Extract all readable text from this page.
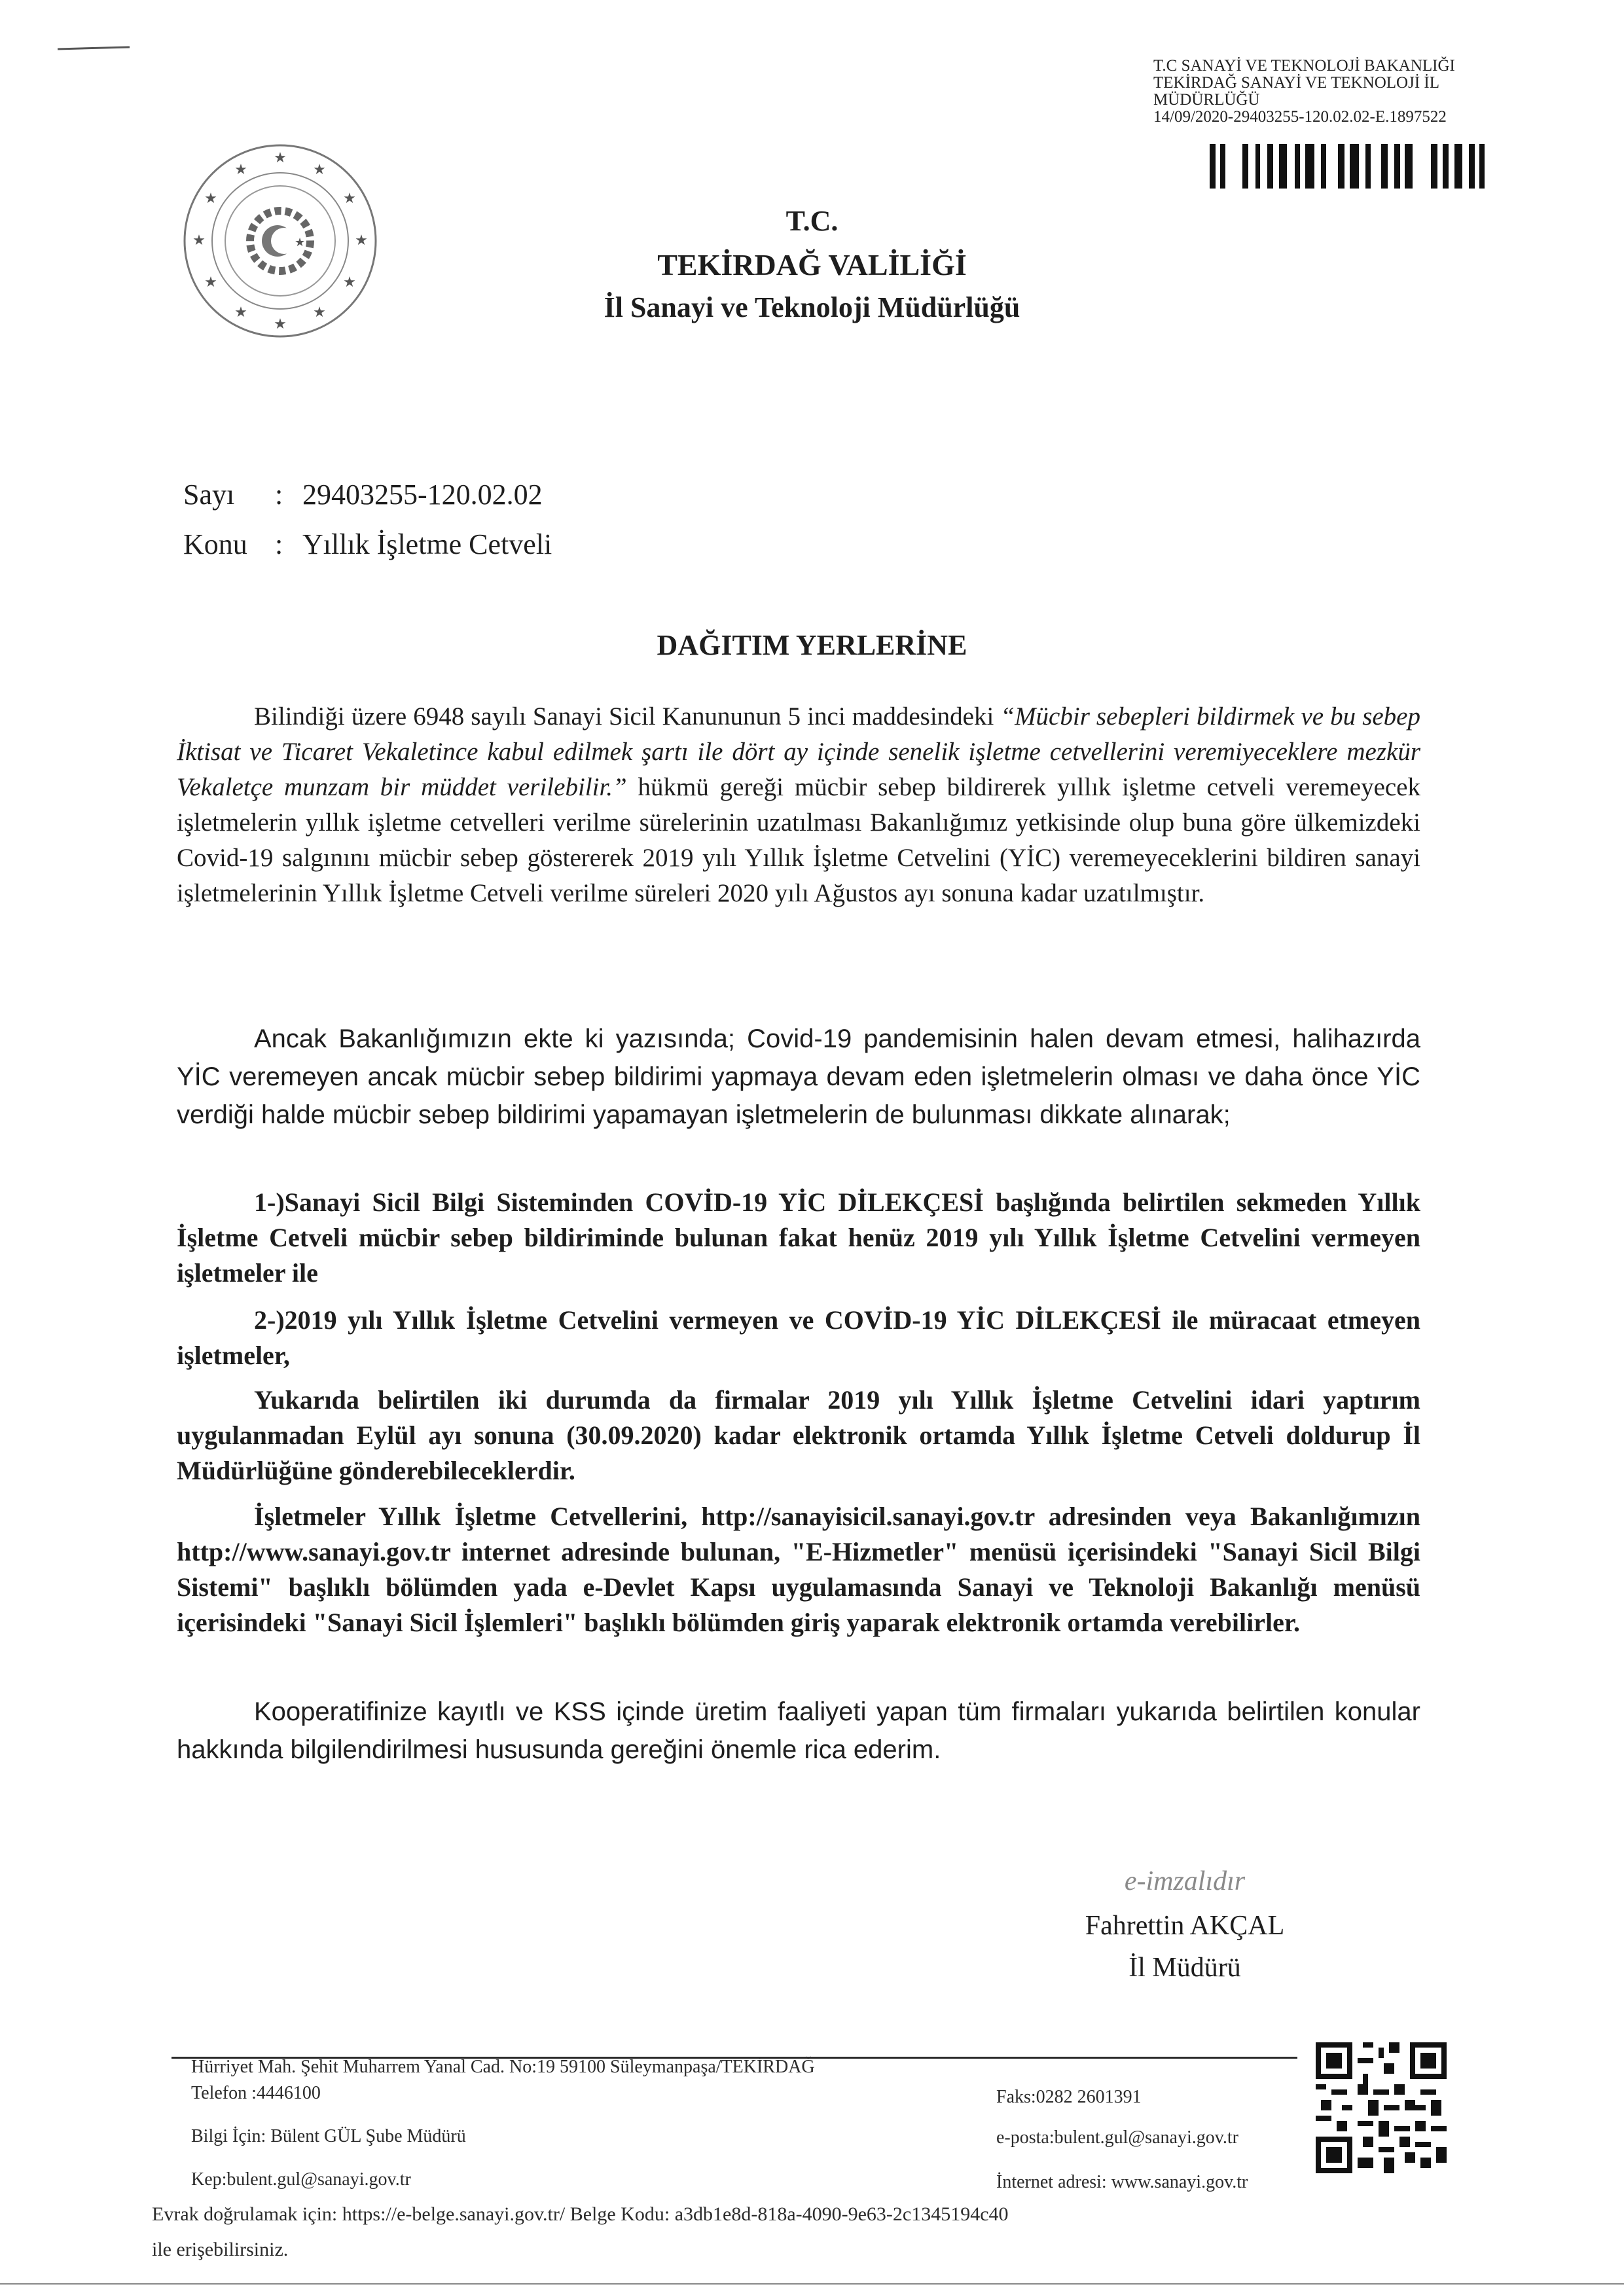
T.C SANAYİ VE TEKNOLOJİ BAKANLIĞI
TEKİRDAĞ SANAYİ VE TEKNOLOJİ İL
MÜDÜRLÜĞÜ
14/09/2020-29403255-120.02.02-E.1897522
★
★
★
★
★
★
★
★
★
★
★
★
★
T.C.
TEKİRDAĞ VALİLİĞİ
İl Sanayi ve Teknoloji Müdürlüğü
Sayı : 29403255-120.02.02
Konu : Yıllık İşletme Cetveli
DAĞITIM YERLERİNE
Bilindiği üzere 6948 sayılı Sanayi Sicil Kanununun 5 inci maddesindeki “Mücbir sebepleri bildirmek ve bu sebep İktisat ve Ticaret Vekaletince kabul edilmek şartı ile dört ay içinde senelik işletme cetvellerini veremiyeceklere mezkür Vekaletçe munzam bir müddet verilebilir.” hükmü gereği mücbir sebep bildirerek yıllık işletme cetveli veremeyecek işletmelerin yıllık işletme cetvelleri verilme sürelerinin uzatılması Bakanlığımız yetkisinde olup buna göre ülkemizdeki Covid-19 salgınını mücbir sebep göstererek 2019 yılı Yıllık İşletme Cetvelini (YİC) veremeyeceklerini bildiren sanayi işletmelerinin Yıllık İşletme Cetveli verilme süreleri 2020 yılı Ağustos ayı sonuna kadar uzatılmıştır.
Ancak Bakanlığımızın ekte ki yazısında; Covid-19 pandemisinin halen devam etmesi, halihazırda YİC veremeyen ancak mücbir sebep bildirimi yapmaya devam eden işletmelerin olması ve daha önce YİC verdiği halde mücbir sebep bildirimi yapamayan işletmelerin de bulunması dikkate alınarak;
1-)Sanayi Sicil Bilgi Sisteminden COVİD-19 YİC DİLEKÇESİ başlığında belirtilen sekmeden Yıllık İşletme Cetveli mücbir sebep bildiriminde bulunan fakat henüz 2019 yılı Yıllık İşletme Cetvelini vermeyen işletmeler ile
2-)2019 yılı Yıllık İşletme Cetvelini vermeyen ve COVİD-19 YİC DİLEKÇESİ ile müracaat etmeyen işletmeler,
Yukarıda belirtilen iki durumda da firmalar 2019 yılı Yıllık İşletme Cetvelini idari yaptırım uygulanmadan Eylül ayı sonuna (30.09.2020) kadar elektronik ortamda Yıllık İşletme Cetveli doldurup İl Müdürlüğüne gönderebileceklerdir.
İşletmeler Yıllık İşletme Cetvellerini, http://sanayisicil.sanayi.gov.tr adresinden veya Bakanlığımızın http://www.sanayi.gov.tr internet adresinde bulunan, "E-Hizmetler" menüsü içerisindeki "Sanayi Sicil Bilgi Sistemi" başlıklı bölümden yada e-Devlet Kapsı uygulamasında Sanayi ve Teknoloji Bakanlığı menüsü içerisindeki "Sanayi Sicil İşlemleri" başlıklı bölümden giriş yaparak elektronik ortamda verebilirler.
Kooperatifinize kayıtlı ve KSS içinde üretim faaliyeti yapan tüm firmaları yukarıda belirtilen konular hakkında bilgilendirilmesi hususunda gereğini önemle rica ederim.
e-imzalıdır
Fahrettin AKÇAL
İl Müdürü
Hürriyet Mah. Şehit Muharrem Yanal Cad. No:19 59100 Süleymanpaşa/TEKİRDAĞ
Telefon :4446100	Faks:0282 2601391
Bilgi İçin: Bülent GÜL Şube Müdürü	e-posta:bulent.gul@sanayi.gov.tr
Kep:bulent.gul@sanayi.gov.tr	İnternet adresi: www.sanayi.gov.tr
Evrak doğrulamak için: https://e-belge.sanayi.gov.tr/ Belge Kodu: a3db1e8d-818a-4090-9e63-2c1345194c40
ile erişebilirsiniz.
